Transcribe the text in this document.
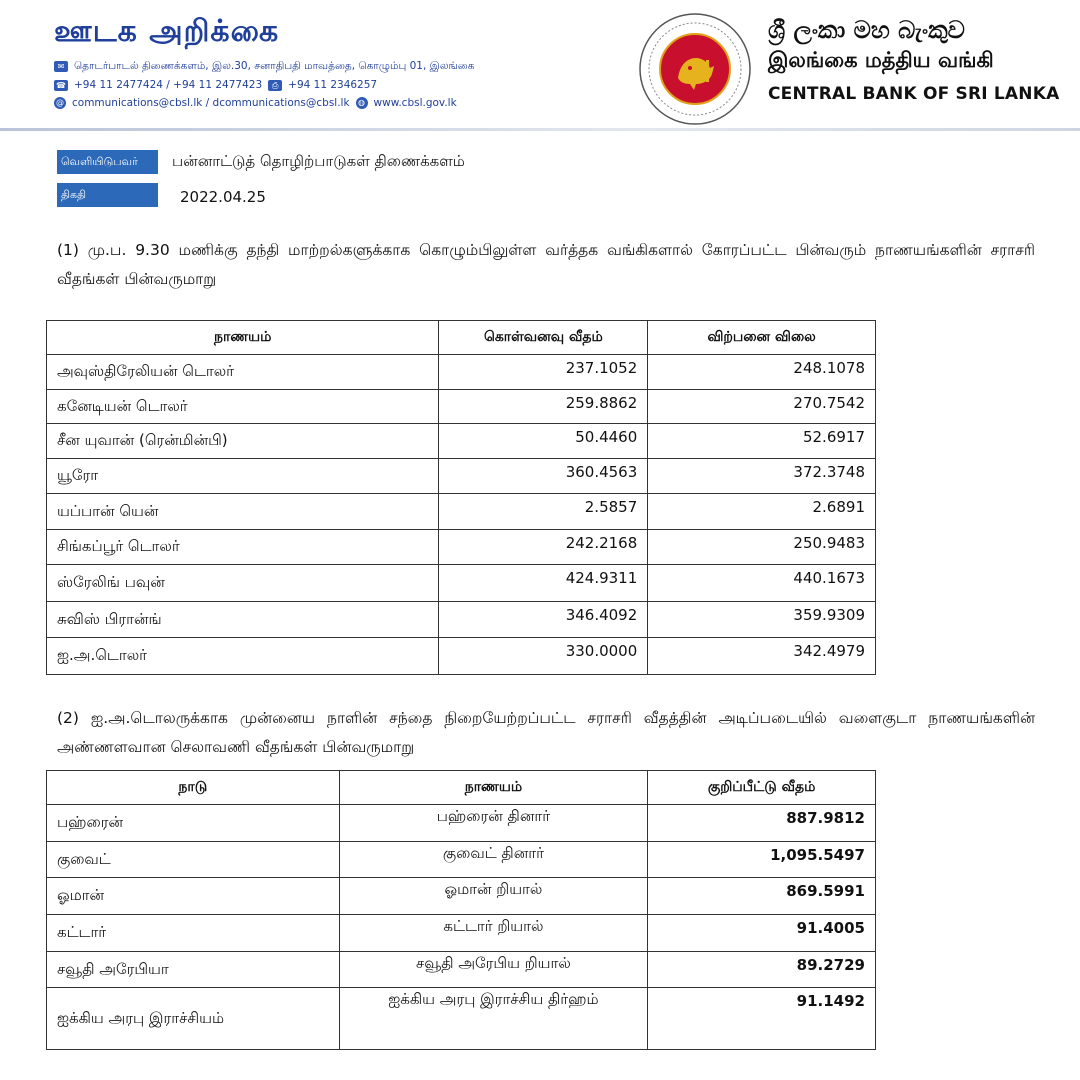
ஊடக அறிக்கை
✉ தொடர்பாடல் திணைக்களம், இல.30, சனாதிபதி மாவத்தை, கொழும்பு 01, இலங்கை
☎ +94 11 2477424 / +94 11 2477423	⎙ +94 11 2346257
@ communications@cbsl.lk / dcommunications@cbsl.lk	◍ www.cbsl.gov.lk
ශ්‍රී ලංකා මහ බැංකුව
இலங்கை மத்திய வங்கி
CENTRAL BANK OF SRI LANKA
வெளியிடுபவர்	பன்னாட்டுத் தொழிற்பாடுகள் திணைக்களம்
திகதி	2022.04.25
(1) மு.ப. 9.30 மணிக்கு தந்தி மாற்றல்களுக்காக கொழும்பிலுள்ள வர்த்தக வங்கிகளால் கோரப்பட்ட பின்வரும் நாணயங்களின் சராசரி வீதங்கள் பின்வருமாறு
நாணயம்	கொள்வனவு வீதம்	விற்பனை விலை
அவுஸ்திரேலியன் டொலர்	237.1052	248.1078
கனேடியன் டொலர்	259.8862	270.7542
சீன யுவான் (ரென்மின்பி)	50.4460	52.6917
யூரோ	360.4563	372.3748
யப்பான் யென்	2.5857	2.6891
சிங்கப்பூர் டொலர்	242.2168	250.9483
ஸ்ரேலிங் பவுன்	424.9311	440.1673
சுவிஸ் பிரான்ங்	346.4092	359.9309
ஐ.அ.டொலர்	330.0000	342.4979
(2) ஐ.அ.டொலருக்காக முன்னைய நாளின் சந்தை நிறையேற்றப்பட்ட சராசரி வீதத்தின் அடிப்படையில் வளைகுடா நாணயங்களின் அண்ணளவான செலாவணி வீதங்கள் பின்வருமாறு
நாடு	நாணயம்	குறிப்பீட்டு வீதம்
பஹ்ரைன்	பஹ்ரைன் தினார்	887.9812
குவைட்	குவைட் தினார்	1,095.5497
ஓமான்	ஓமான் றியால்	869.5991
கட்டார்	கட்டார் றியால்	91.4005
சவூதி அரேபியா	சவூதி அரேபிய றியால்	89.2729
ஐக்கிய அரபு இராச்சியம்	ஐக்கிய அரபு இராச்சிய திர்ஹம்	91.1492
